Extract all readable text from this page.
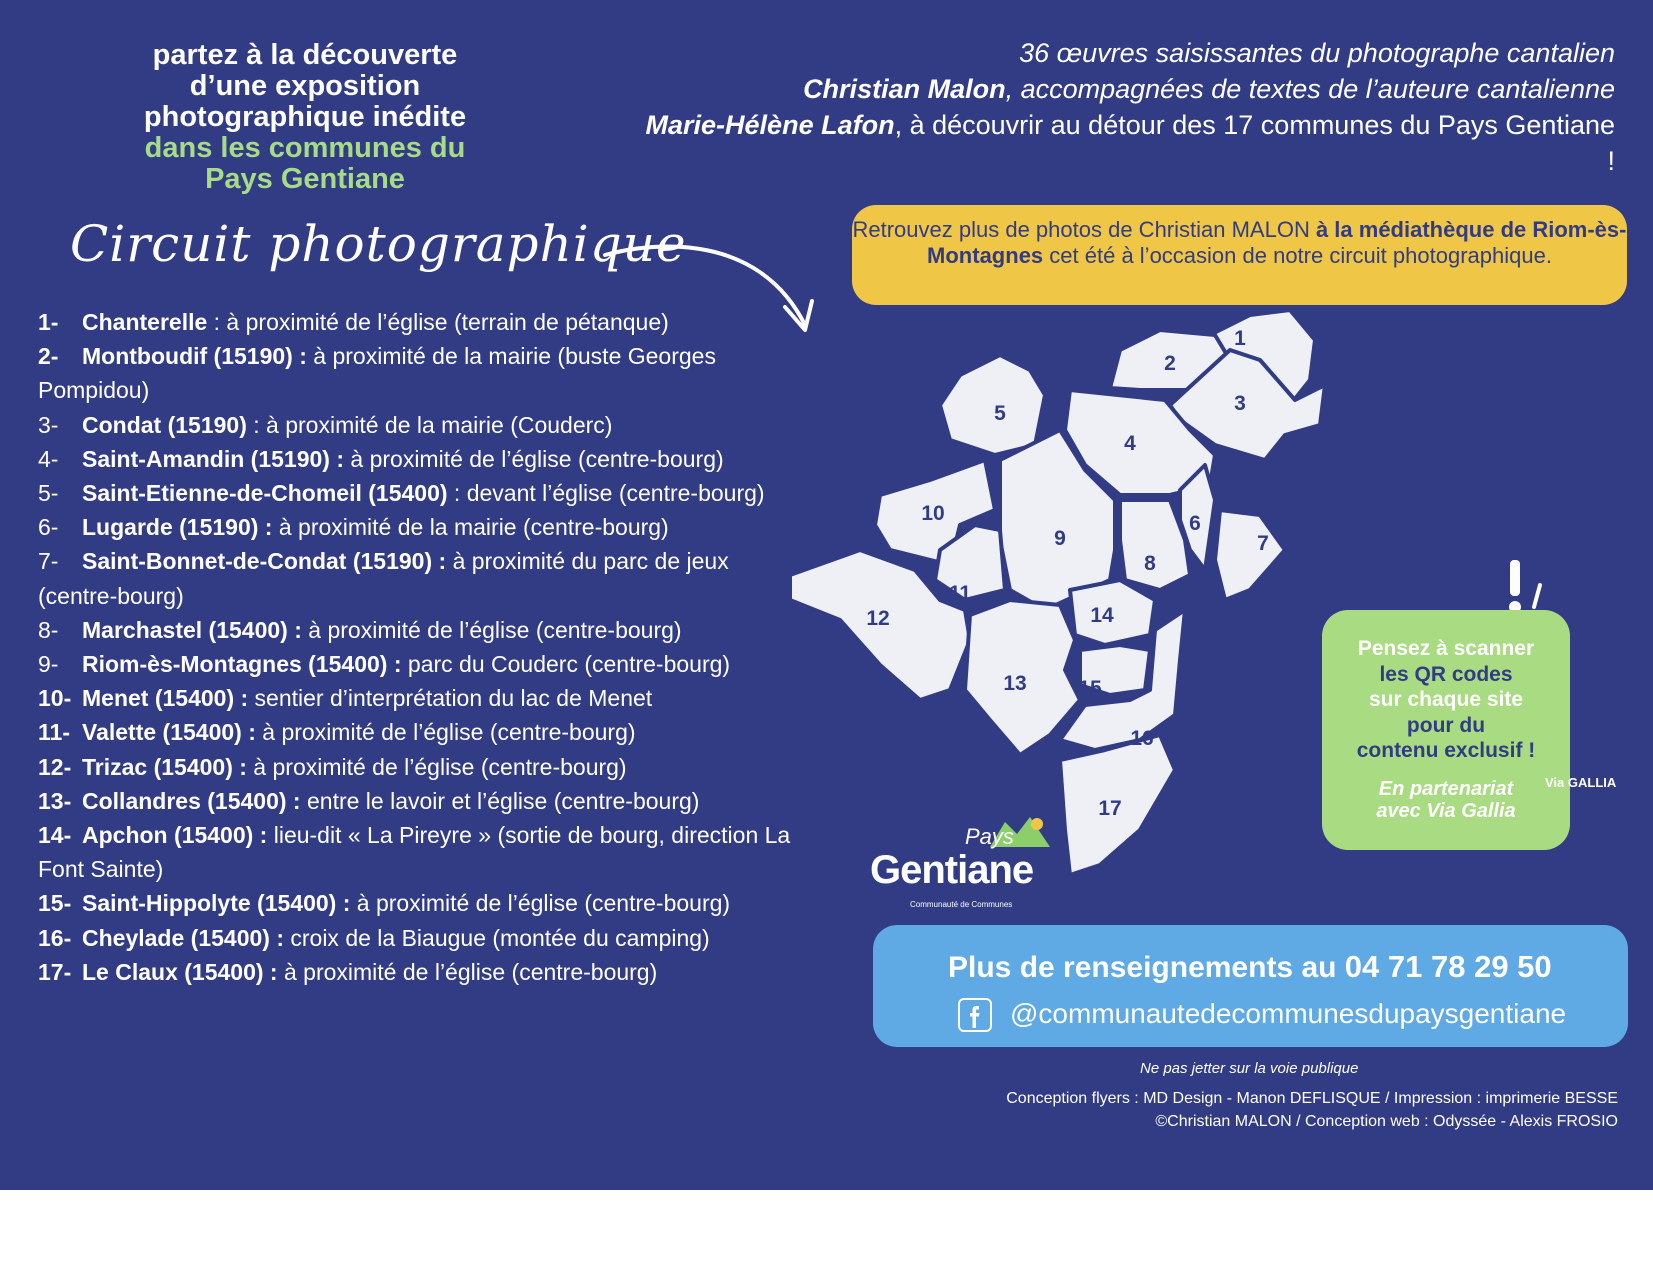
partez à la découverte
d’une exposition
photographique inédite
dans les communes du
Pays Gentiane
Circuit photographique
1- Chanterelle : à proximité de l’église (terrain de pétanque)
2- Montboudif (15190) : à proximité de la mairie (buste Georges Pompidou)
3- Condat (15190) : à proximité de la mairie (Couderc)
4- Saint-Amandin (15190) : à proximité de l’église (centre-bourg)
5- Saint-Etienne-de-Chomeil (15400) : devant l’église (centre-bourg)
6- Lugarde (15190) : à proximité de la mairie (centre-bourg)
7- Saint-Bonnet-de-Condat (15190) : à proximité du parc de jeux (centre-bourg)
8- Marchastel (15400) : à proximité de l’église (centre-bourg)
9- Riom-ès-Montagnes (15400) : parc du Couderc (centre-bourg)
10- Menet (15400) : sentier d’interprétation du lac de Menet
11- Valette (15400) : à proximité de l’église (centre-bourg)
12- Trizac (15400) : à proximité de l’église (centre-bourg)
13- Collandres (15400) : entre le lavoir et l’église (centre-bourg)
14- Apchon (15400) : lieu-dit « La Pireyre » (sortie de bourg, direction La Font Sainte)
15- Saint-Hippolyte (15400) : à proximité de l’église (centre-bourg)
16- Cheylade (15400) : croix de la Biaugue (montée du camping)
17- Le Claux (15400) : à proximité de l’église (centre-bourg)
36 œuvres saisissantes du photographe cantalien
Christian Malon, accompagnées de textes de l’auteure cantalienne
Marie-Hélène Lafon, à découvrir au détour des 17 communes du Pays Gentiane !
Retrouvez plus de photos de Christian MALON à la médiathèque de Riom-ès-Montagnes cet été à l’occasion de notre circuit photographique.
1
2
3
4
5
6
7
8
9
10
11
12
13
14
15
16
17
Pensez à scanner
les QR codes
sur chaque site
pour du
contenu exclusif !
En partenariat
avec Via Gallia
Via GALLIA
Pays
Gentiane
Communauté de Communes
Plus de renseignements au 04 71 78 29 50
@communautedecommunesdupaysgentiane
Ne pas jetter sur la voie publique
Conception flyers : MD Design - Manon DEFLISQUE / Impression : imprimerie BESSE
©Christian MALON / Conception web : Odyssée - Alexis FROSIO
